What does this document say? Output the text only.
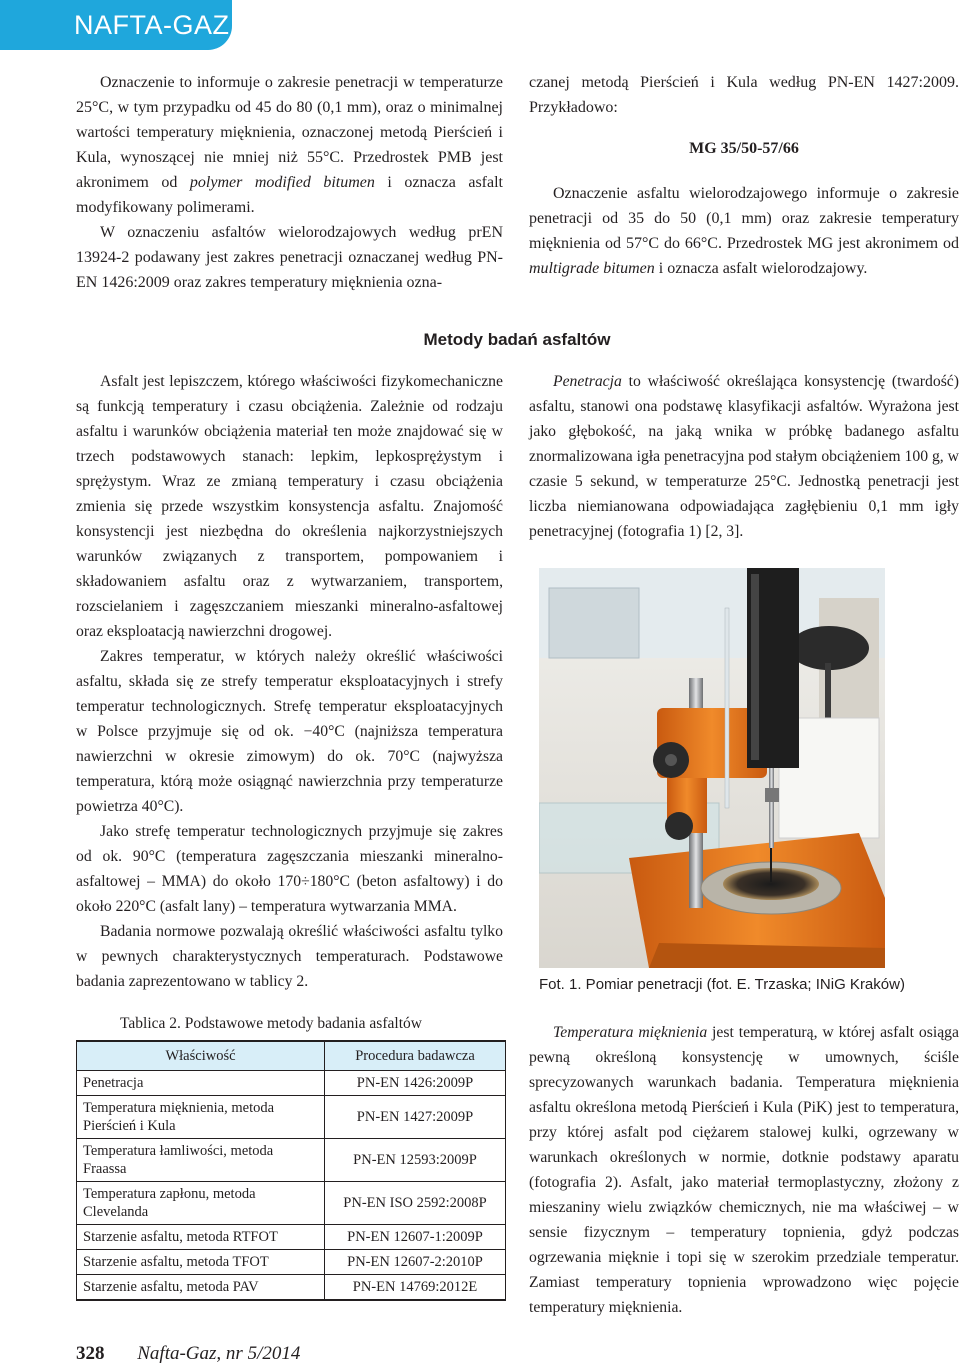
NAFTA-GAZ

Oznaczenie to informuje o zakresie penetracji w temperaturze 25°C, w tym przypadku od 45 do 80 (0,1 mm), oraz o minimalnej wartości temperatury mięknienia, oznaczonej metodą Pierścień i Kula, wynoszącej nie mniej niż 55°C. Przedrostek PMB jest akronimem od polymer modified bitumen i oznacza asfalt modyfikowany polimerami.

W oznaczeniu asfaltów wielorodzajowych według prEN 13924-2 podawany jest zakres penetracji oznaczanej według PN-EN 1426:2009 oraz zakres temperatury mięknienia ozna-

czanej metodą Pierścień i Kula według PN-EN 1427:2009. Przykładowo:

MG 35/50-57/66

Oznaczenie asfaltu wielorodzajowego informuje o zakresie penetracji od 35 do 50 (0,1 mm) oraz zakresie temperatury mięknienia od 57°C do 66°C. Przedrostek MG jest akronimem od multigrade bitumen i oznacza asfalt wielorodzajowy.

Metody badań asfaltów

Asfalt jest lepiszczem, którego właściwości fizykomechaniczne są funkcją temperatury i czasu obciążenia. Zależnie od rodzaju asfaltu i warunków obciążenia materiał ten może znajdować się w trzech podstawowych stanach: lepkim, lepkosprężystym i sprężystym. Wraz ze zmianą temperatury i czasu obciążenia zmienia się przede wszystkim konsystencja asfaltu. Znajomość konsystencji jest niezbędna do określenia najkorzystniejszych warunków związanych z transportem, pompowaniem i składowaniem asfaltu oraz z wytwarzaniem, transportem, rozscielaniem i zagęszczaniem mieszanki mineralno-asfaltowej oraz eksploatacją nawierzchni drogowej.

Zakres temperatur, w których należy określić właściwości asfaltu, składa się ze strefy temperatur eksploatacyjnych i strefy temperatur technologicznych. Strefę temperatur eksploatacyjnych w Polsce przyjmuje się od ok. −40°C (najniższa temperatura nawierzchni w okresie zimowym) do ok. 70°C (najwyższa temperatura, którą może osiągnąć nawierzchnia przy temperaturze powietrza 40°C).

Jako strefę temperatur technologicznych przyjmuje się zakres od ok. 90°C (temperatura zagęszczania mieszanki mineralno-asfaltowej – MMA) do około 170÷180°C (beton asfaltowy) i do około 220°C (asfalt lany) – temperatura wytwarzania MMA.

Badania normowe pozwalają określić właściwości asfaltu tylko w pewnych charakterystycznych temperaturach. Podstawowe badania zaprezentowano w tablicy 2.

Penetracja to właściwość określająca konsystencję (twardość) asfaltu, stanowi ona podstawę klasyfikacji asfaltów. Wyrażona jest jako głębokość, na jaką wnika w próbkę badanego asfaltu znormalizowana igła penetracyjna pod stałym obciążeniem 100 g, w czasie 5 sekund, w temperaturze 25°C. Jednostką penetracji jest liczba niemianowana odpowiadająca zagłębieniu 0,1 mm igły penetracyjnej (fotografia 1) [2, 3].

Fot. 1. Pomiar penetracji (fot. E. Trzaska; INiG Kraków)

Temperatura mięknienia jest temperaturą, w której asfalt osiąga pewną określoną konsystencję w umownych, ściśle sprecyzowanych warunkach badania. Temperatura mięknienia asfaltu określona metodą Pierścień i Kula (PiK) jest to temperatura, przy której asfalt pod ciężarem stalowej kulki, ogrzewany w warunkach określonych w normie, dotknie podstawy aparatu (fotografia 2). Asfalt, jako materiał termoplastyczny, złożony z mieszaniny wielu związków chemicznych, nie ma właściwej – w sensie fizycznym – temperatury topnienia, gdyż podczas ogrzewania mięknie i topi się w szerokim przedziale temperatur. Zamiast temperatury topnienia wprowadzono więc pojęcie temperatury mięknienia.

Tablica 2. Podstawowe metody badania asfaltów
Właściwość	Procedura badawcza
Penetracja	PN-EN 1426:2009P
Temperatura mięknienia, metoda Pierścień i Kula	PN-EN 1427:2009P
Temperatura łamliwości, metoda Fraassa	PN-EN 12593:2009P
Temperatura zapłonu, metoda Clevelanda	PN-EN ISO 2592:2008P
Starzenie asfaltu, metoda RTFOT	PN-EN 12607-1:2009P
Starzenie asfaltu, metoda TFOT	PN-EN 12607-2:2010P
Starzenie asfaltu, metoda PAV	PN-EN 14769:2012E
328 Nafta-Gaz, nr 5/2014
